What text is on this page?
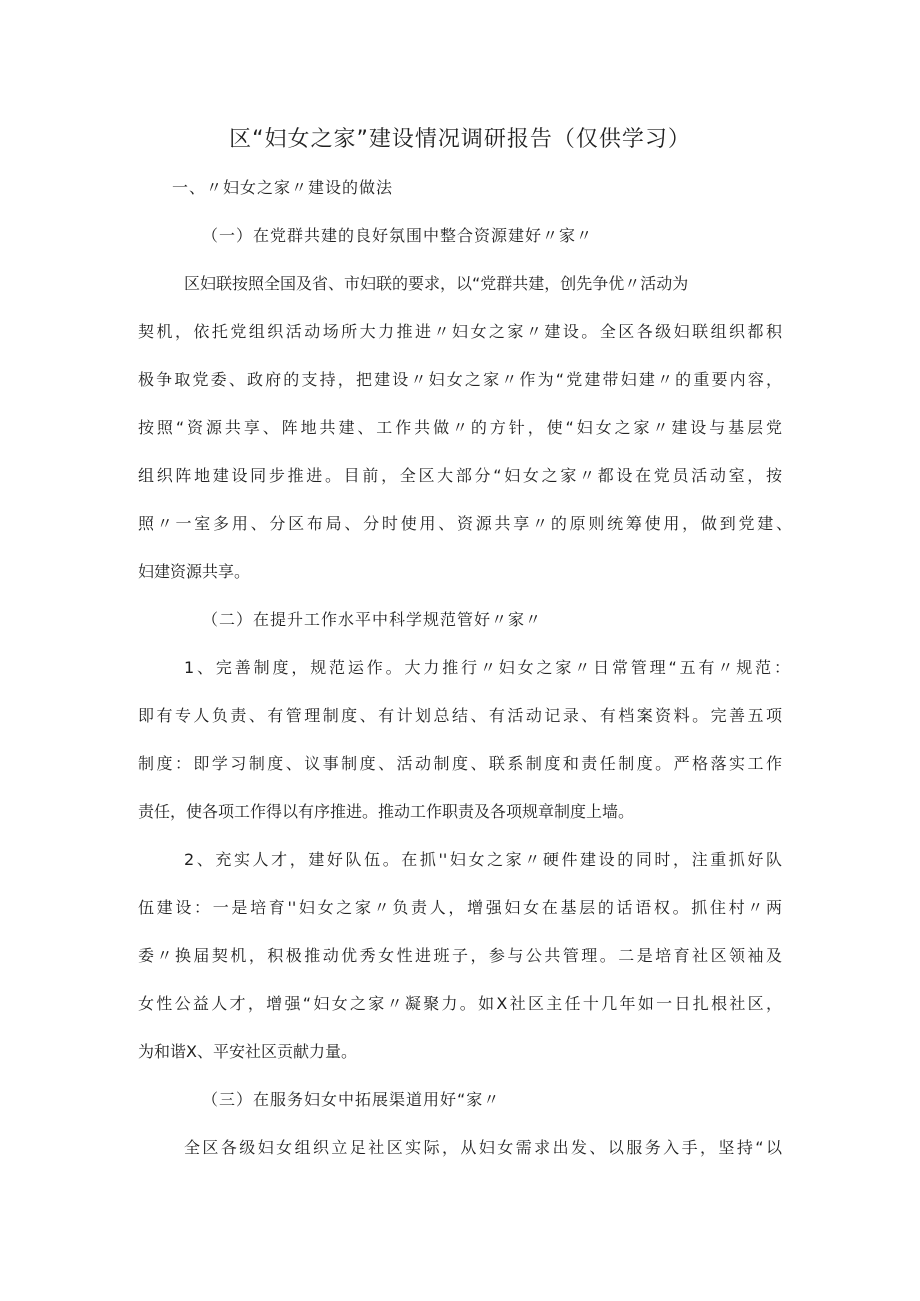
区“妇女之家”建设情况调研报告（仅供学习）
一、〃妇女之家〃建设的做法
（一）在党群共建的良好氛围中整合资源建好〃家〃
区妇联按照全国及省、市妇联的要求，以“党群共建，创先争优〃活动为
契机，依托党组织活动场所大力推进〃妇女之家〃建设。全区各级妇联组织都积
极争取党委、政府的支持，把建设〃妇女之家〃作为“党建带妇建〃的重要内容，
按照“资源共享、阵地共建、工作共做〃的方针，使“妇女之家〃建设与基层党
组织阵地建设同步推进。目前，全区大部分“妇女之家〃都设在党员活动室，按
照〃一室多用、分区布局、分时使用、资源共享〃的原则统筹使用，做到党建、
妇建资源共享。
（二）在提升工作水平中科学规范管好〃家〃
1、完善制度，规范运作。大力推行〃妇女之家〃日常管理“五有〃规范：
即有专人负责、有管理制度、有计划总结、有活动记录、有档案资料。完善五项
制度：即学习制度、议事制度、活动制度、联系制度和责任制度。严格落实工作
责任，使各项工作得以有序推进。推动工作职责及各项规章制度上墙。
2、充实人才，建好队伍。在抓''妇女之家〃硬件建设的同时，注重抓好队
伍建设：一是培育''妇女之家〃负责人，增强妇女在基层的话语权。抓住村〃两
委〃换届契机，积极推动优秀女性进班子，参与公共管理。二是培育社区领袖及
女性公益人才，增强“妇女之家〃凝聚力。如X社区主任十几年如一日扎根社区，
为和谐X、平安社区贡献力量。
（三）在服务妇女中拓展渠道用好“家〃
全区各级妇女组织立足社区实际，从妇女需求出发、以服务入手，坚持“以
